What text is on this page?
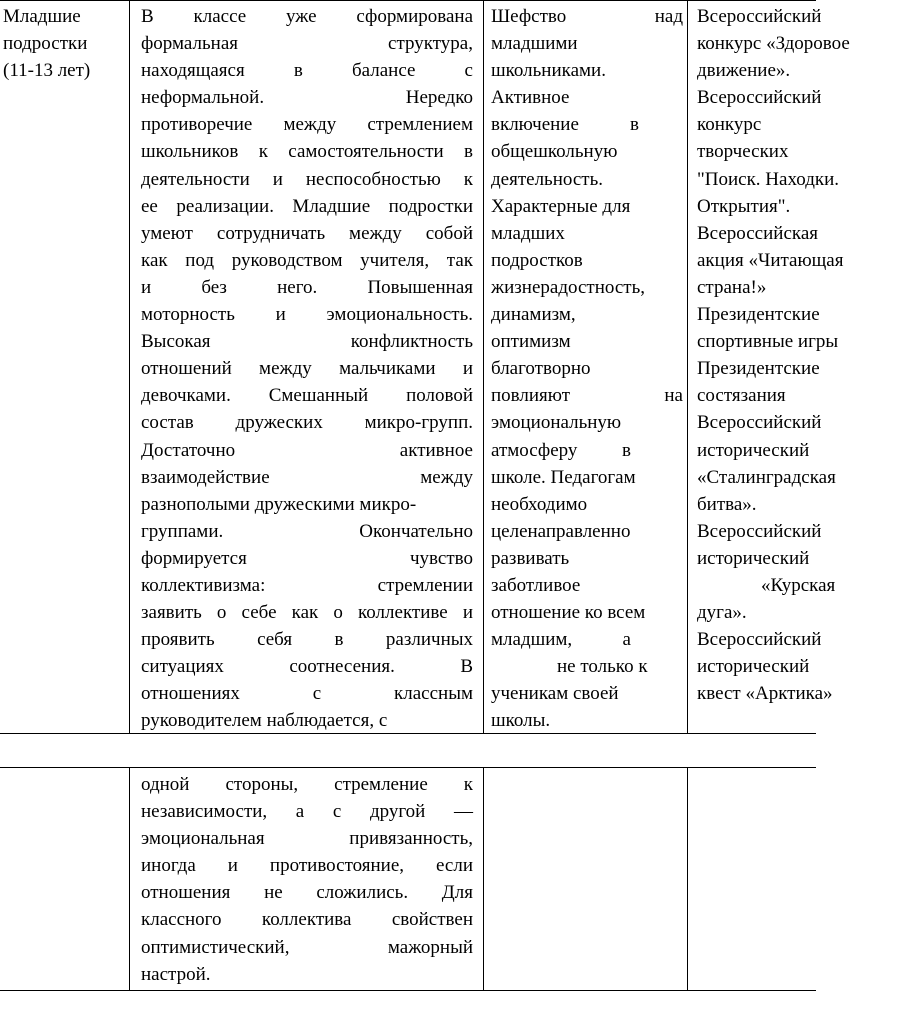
Младшие
подростки
(11-13 лет)
В классе уже сформирована
формальная структура,
находящаяся в балансе с
неформальной. Нередко
противоречие между стремлением
школьников к самостоятельности в
деятельности и неспособностью к
ее реализации. Младшие подростки
умеют сотрудничать между собой
как под руководством учителя, так
и без него. Повышенная
моторность и эмоциональность.
Высокая конфликтность
отношений между мальчиками и
девочками. Смешанный половой
состав дружеских микро-групп.
Достаточно активное
взаимодействие между
разнополыми дружескими микро-
группами. Окончательно
формируется чувство
коллективизма: стремлении
заявить о себе как о коллективе и
проявить себя в различных
ситуациях соотнесения. В
отношениях с классным
руководителем наблюдается, с
Шефство над
младшими
школьниками.
Активное
включение в
общешкольную
деятельность.
Характерные для
младших
подростков
жизнерадостность,
динамизм,
оптимизм
благотворно
повлияют на
эмоциональную
атмосферу в
школе. Педагогам
необходимо
целенаправленно
развивать
заботливое
отношение ко всем
младшим, а
не только к
ученикам своей
школы.
Всероссийский
конкурс «Здоровое
движение».
Всероссийский
конкурс
творческих
"Поиск. Находки.
Открытия".
Всероссийская
акция «Читающая
страна!»
Президентские
спортивные игры
Президентские
состязания
Всероссийский
исторический
«Сталинградская
битва».
Всероссийский
исторический
«Курская
дуга».
Всероссийский
исторический
квест «Арктика»
одной стороны, стремление к
независимости, а с другой —
эмоциональная привязанность,
иногда и противостояние, если
отношения не сложились. Для
классного коллектива свойствен
оптимистический, мажорный
настрой.
